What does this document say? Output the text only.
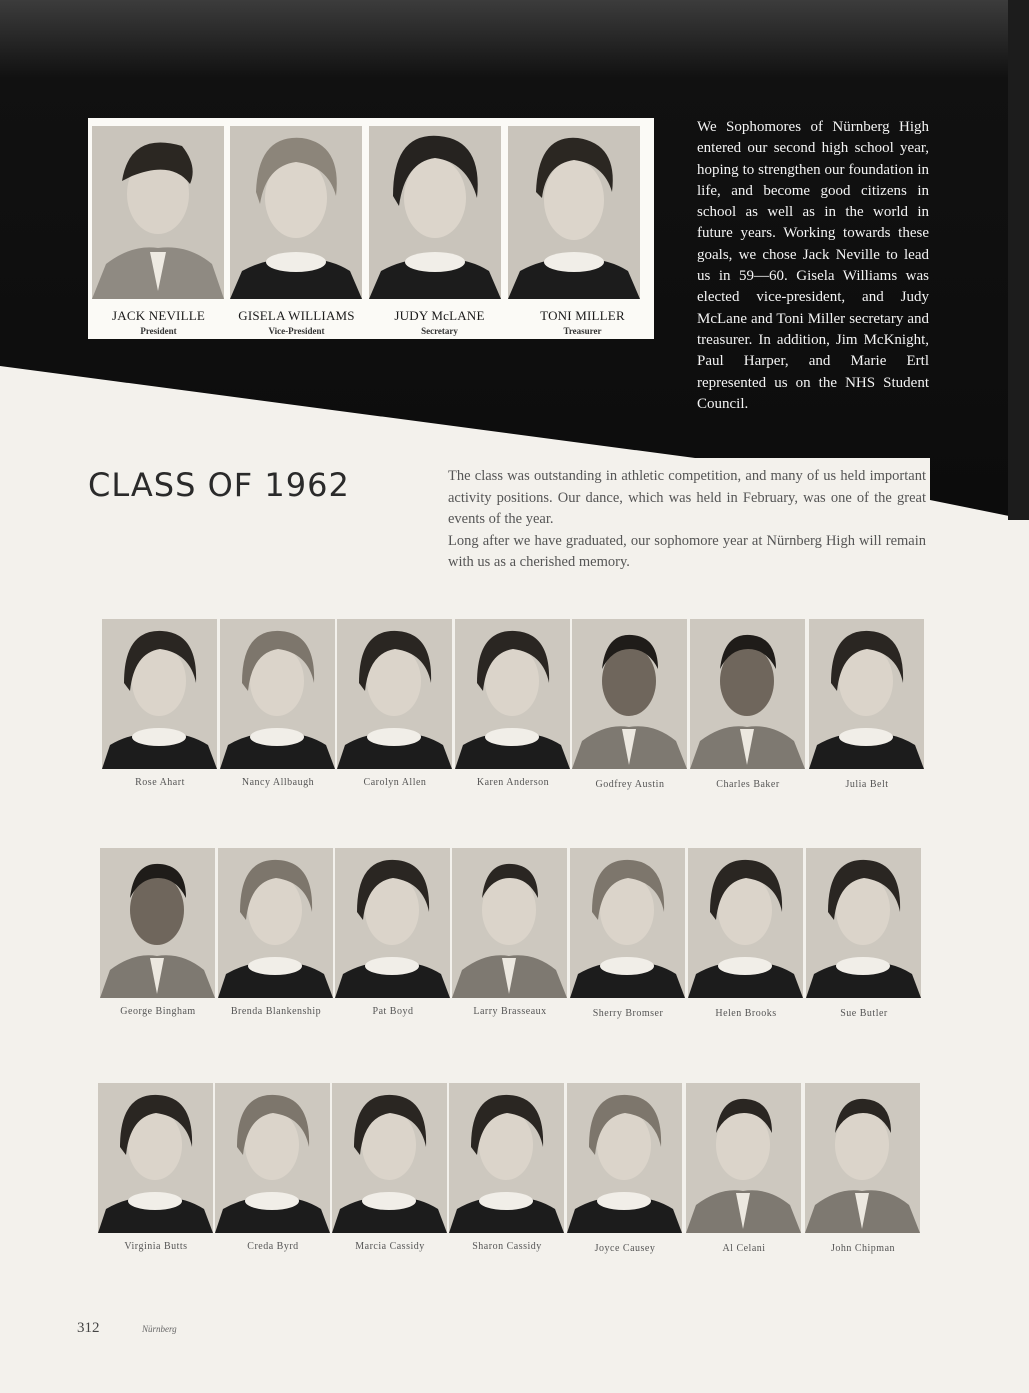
JACK NEVILLE
President
GISELA WILLIAMS
Vice-President
JUDY McLANE
Secretary
TONI MILLER
Treasurer
We Sophomores of Nürnberg High entered our second high school year, hoping to strengthen our foundation in life, and become good citizens in school as well as in the world in future years. Working towards these goals, we chose Jack Neville to lead us in 59—60. Gisela Williams was elected vice-president, and Judy McLane and Toni Miller secretary and treasurer. In addition, Jim McKnight, Paul Harper, and Marie Ertl represented us on the NHS Student Council.
CLASS OF 1962	The class was outstanding in athletic competition, and many of us held important activity positions. Our dance, which was held in February, was one of the great events of the year.

Long after we have graduated, our sophomore year at Nürnberg High will remain with us as a cherished memory.

Rose Ahart	Nancy Allbaugh	Carolyn Allen	Karen Anderson	Godfrey Austin	Charles Baker	Julia Belt
George Bingham	Brenda Blankenship	Pat Boyd	Larry Brasseaux	Sherry Bromser	Helen Brooks	Sue Butler
Virginia Butts	Creda Byrd	Marcia Cassidy	Sharon Cassidy	Joyce Causey	Al Celani	John Chipman
312	Nürnberg
